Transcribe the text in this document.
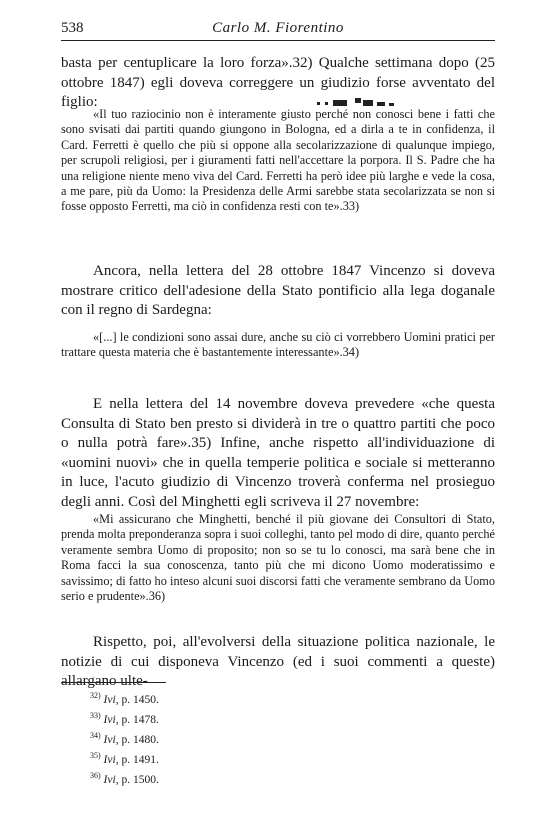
538	Carlo M. Fiorentino

basta per centuplicare la loro forza».32) Qualche settimana dopo (25 ottobre 1847) egli doveva correggere un giudizio forse avventato del figlio:

«Il tuo raziocinio non è interamente giusto perché non conosci bene i fatti che sono svisati dai partiti quando giungono in Bologna, ed a dirla a te in confidenza, il Card. Ferretti è quello che più si oppone alla secolarizzazione di qualunque impiego, per scrupoli religiosi, per i giuramenti fatti nell'accettare la porpora. Il S. Padre che ha una religione niente meno viva del Card. Ferretti ha però idee più larghe e vede la cosa, a me pare, più da Uomo: la Presidenza delle Armi sarebbe stata secolarizzata se non si fosse opposto Ferretti, ma ciò in confidenza resti con te».33)

Ancora, nella lettera del 28 ottobre 1847 Vincenzo si doveva mostrare critico dell'adesione della Stato pontificio alla lega doganale con il regno di Sardegna:

«[...] le condizioni sono assai dure, anche su ciò ci vorrebbero Uomini pratici per trattare questa materia che è bastantemente interessante».34)

E nella lettera del 14 novembre doveva prevedere «che questa Consulta di Stato ben presto si dividerà in tre o quattro partiti che poco o nulla potrà fare».35) Infine, anche rispetto all'individuazione di «uomini nuovi» che in quella temperie politica e sociale si metteranno in luce, l'acuto giudizio di Vincenzo troverà conferma nel prosieguo degli anni. Così del Minghetti egli scriveva il 27 novembre:

«Mi assicurano che Minghetti, benché il più giovane dei Consultori di Stato, prenda molta preponderanza sopra i suoi colleghi, tanto pel modo di dire, quanto perché veramente sembra Uomo di proposito; non so se tu lo conosci, ma sarà bene che in Roma facci la sua conoscenza, tanto più che mi dicono Uomo moderatissimo e savissimo; di fatto ho inteso alcuni suoi discorsi fatti che veramente sembrano da Uomo serio e prudente».36)

Rispetto, poi, all'evolversi della situazione politica nazionale, le notizie di cui disponeva Vincenzo (ed i suoi commenti a queste) allargano ulte-

$^{32)}$ Ivi, p. 1450.
$^{33)}$ Ivi, p. 1478.
$^{34)}$ Ivi, p. 1480.
$^{35)}$ Ivi, p. 1491.
$^{36)}$ Ivi, p. 1500.
